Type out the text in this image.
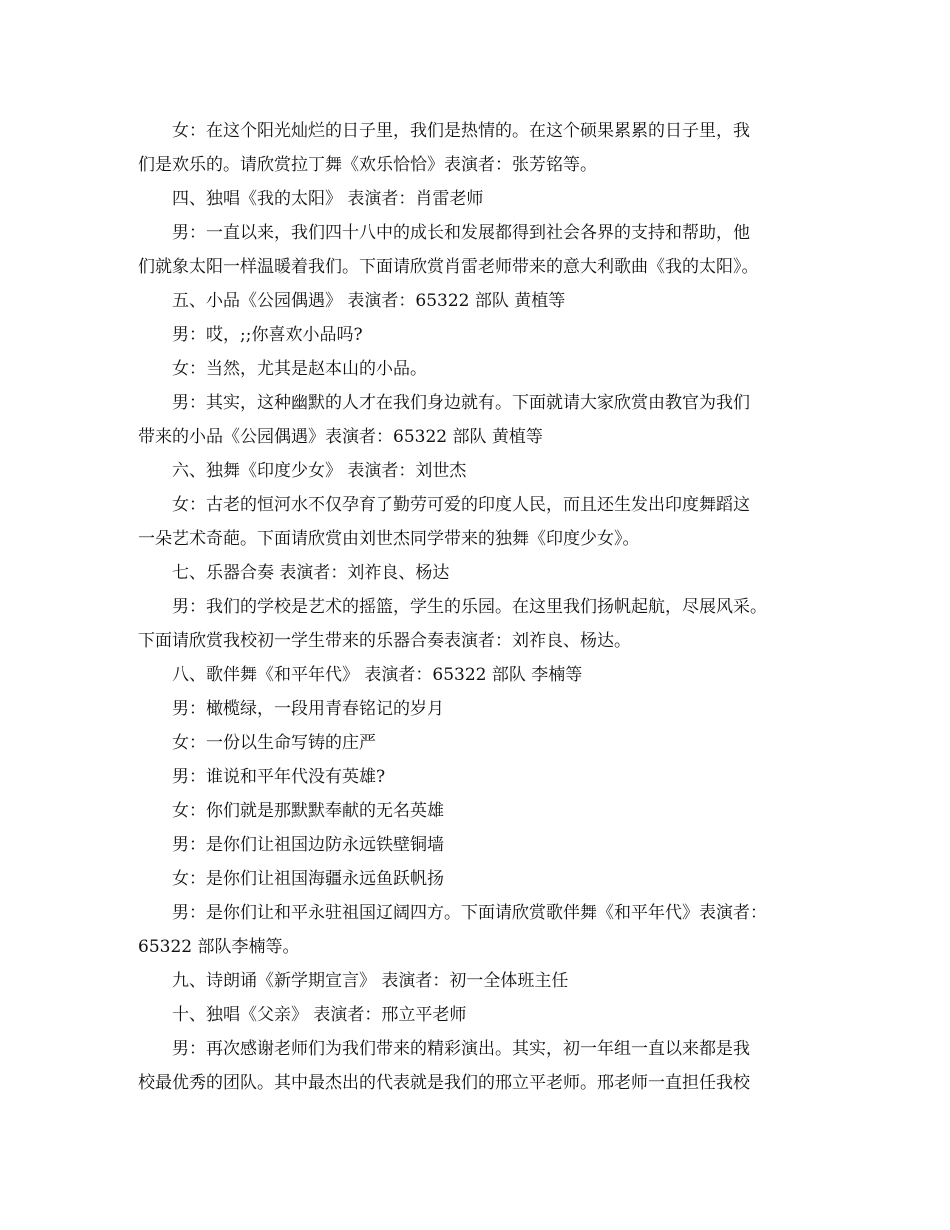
女：在这个阳光灿烂的日子里，我们是热情的。在这个硕果累累的日子里，我
们是欢乐的。请欣赏拉丁舞《欢乐恰恰》表演者：张芳铭等。
四、独唱《我的太阳》 表演者：肖雷老师
男：一直以来，我们四十八中的成长和发展都得到社会各界的支持和帮助，他
们就象太阳一样温暖着我们。下面请欣赏肖雷老师带来的意大利歌曲《我的太阳》。
五、小品《公园偶遇》 表演者：65322 部队 黄植等
男：哎，;;你喜欢小品吗?
女：当然，尤其是赵本山的小品。
男：其实，这种幽默的人才在我们身边就有。下面就请大家欣赏由教官为我们
带来的小品《公园偶遇》表演者：65322 部队 黄植等
六、独舞《印度少女》 表演者：刘世杰
女：古老的恒河水不仅孕育了勤劳可爱的印度人民，而且还生发出印度舞蹈这
一朵艺术奇葩。下面请欣赏由刘世杰同学带来的独舞《印度少女》。
七、乐器合奏 表演者：刘祚良、杨达
男：我们的学校是艺术的摇篮，学生的乐园。在这里我们扬帆起航，尽展风采。
下面请欣赏我校初一学生带来的乐器合奏表演者：刘祚良、杨达。
八、歌伴舞《和平年代》 表演者：65322 部队 李楠等
男：橄榄绿，一段用青春铭记的岁月
女：一份以生命写铸的庄严
男：谁说和平年代没有英雄?
女：你们就是那默默奉献的无名英雄
男：是你们让祖国边防永远铁壁铜墙
女：是你们让祖国海疆永远鱼跃帆扬
男：是你们让和平永驻祖国辽阔四方。下面请欣赏歌伴舞《和平年代》表演者：
65322 部队李楠等。
九、诗朗诵《新学期宣言》 表演者：初一全体班主任
十、独唱《父亲》 表演者：邢立平老师
男：再次感谢老师们为我们带来的精彩演出。其实，初一年组一直以来都是我
校最优秀的团队。其中最杰出的代表就是我们的邢立平老师。邢老师一直担任我校
